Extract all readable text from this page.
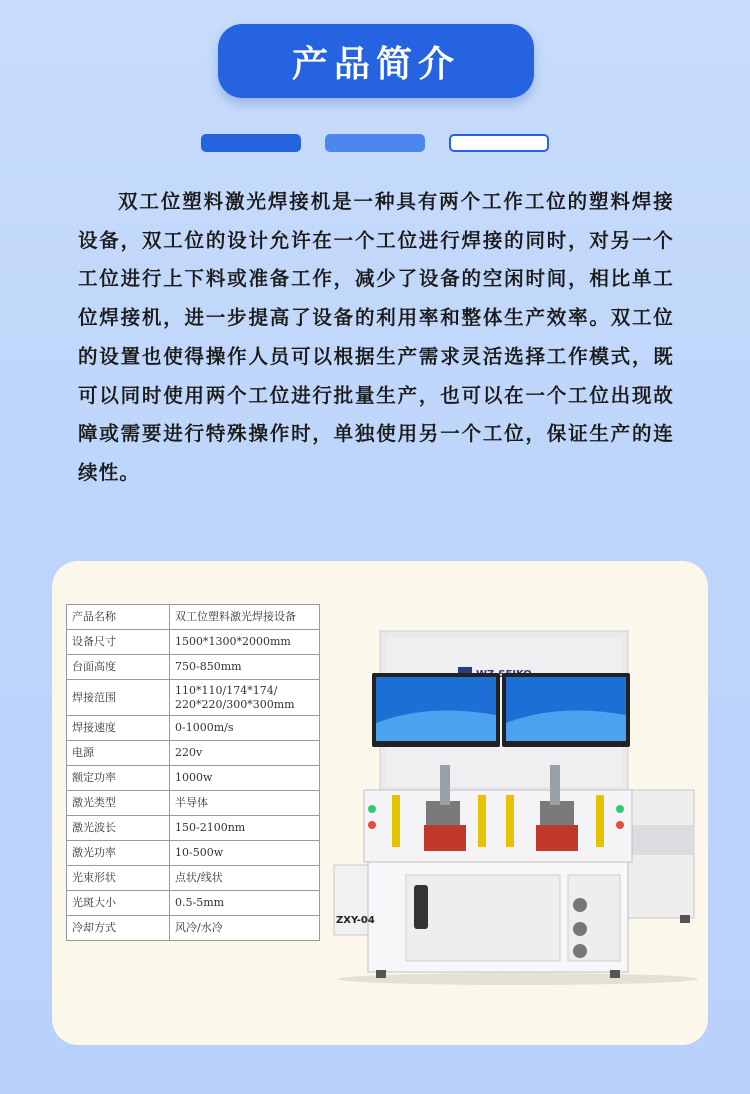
产品简介

双工位塑料激光焊接机是一种具有两个工作工位的塑料焊接设备，双工位的设计允许在一个工位进行焊接的同时，对另一个工位进行上下料或准备工作，减少了设备的空闲时间，相比单工位焊接机，进一步提高了设备的利用率和整体生产效率。双工位的设置也使得操作人员可以根据生产需求灵活选择工作模式，既可以同时使用两个工位进行批量生产，也可以在一个工位出现故障或需要进行特殊操作时，单独使用另一个工位，保证生产的连续性。

产品名称	双工位塑料激光焊接设备
设备尺寸	1500*1300*2000mm
台面高度	750-850mm
焊接范围	110*110/174*174/ 220*220/300*300mm
焊接速度	0-1000m/s
电源	220v
额定功率	1000w
激光类型	半导体
激光波长	150-2100nm
激光功率	10-500w
光束形状	点状/线状
光斑大小	0.5-5mm
冷却方式	风冷/水冷
ZXY-04
